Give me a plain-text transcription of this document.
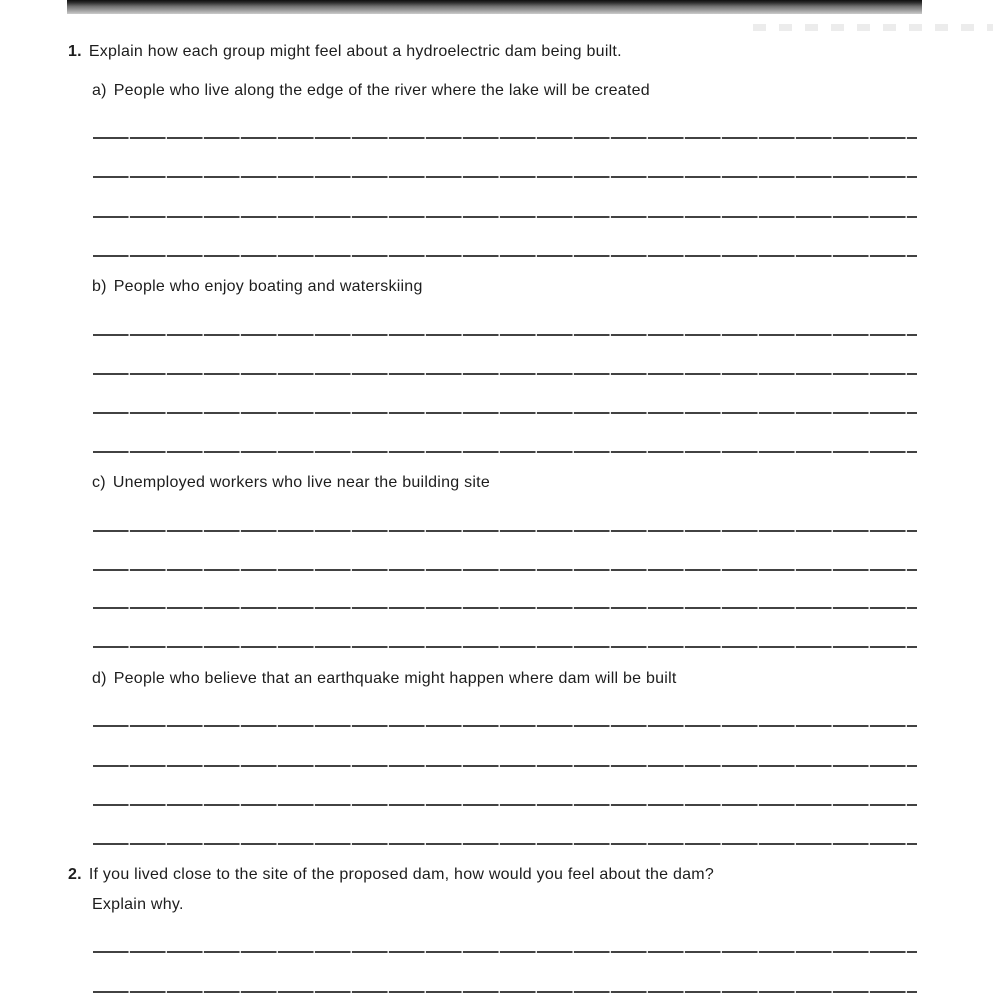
1. Explain how each group might feel about a hydroelectric dam being built.
a) People who live along the edge of the river where the lake will be created
b) People who enjoy boating and waterskiing
c) Unemployed workers who live near the building site
d) People who believe that an earthquake might happen where dam will be built
2. If you lived close to the site of the proposed dam, how would you feel about the dam?
Explain why.
